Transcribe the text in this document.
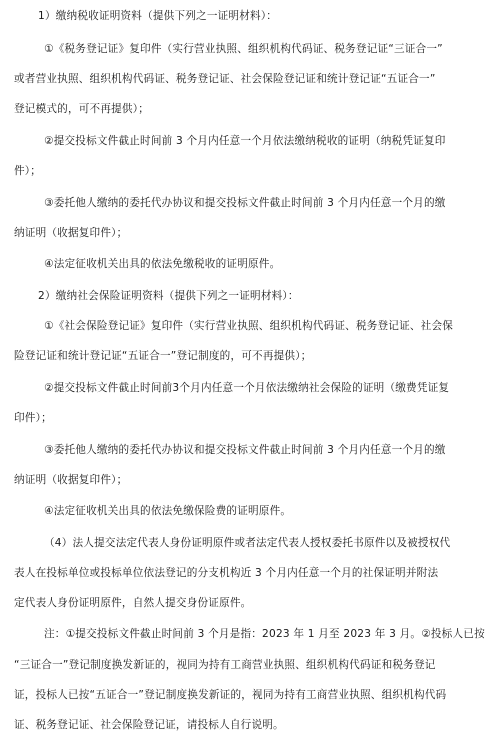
1）缴纳税收证明资料（提供下列之一证明材料）：
①《税务登记证》复印件（实行营业执照、组织机构代码证、税务登记证“三证合一”
或者营业执照、组织机构代码证、税务登记证、社会保险登记证和统计登记证“五证合一”
登记模式的，可不再提供）；
②提交投标文件截止时间前 3 个月内任意一个月依法缴纳税收的证明（纳税凭证复印
件）；
③委托他人缴纳的委托代办协议和提交投标文件截止时间前 3 个月内任意一个月的缴
纳证明（收据复印件）；
④法定征收机关出具的依法免缴税收的证明原件。
2）缴纳社会保险证明资料（提供下列之一证明材料）：
①《社会保险登记证》复印件（实行营业执照、组织机构代码证、税务登记证、社会保
险登记证和统计登记证“五证合一”登记制度的，可不再提供）；
②提交投标文件截止时间前3个月内任意一个月依法缴纳社会保险的证明（缴费凭证复
印件）；
③委托他人缴纳的委托代办协议和提交投标文件截止时间前 3 个月内任意一个月的缴
纳证明（收据复印件）；
④法定征收机关出具的依法免缴保险费的证明原件。
（4）法人提交法定代表人身份证明原件或者法定代表人授权委托书原件以及被授权代
表人在投标单位或投标单位依法登记的分支机构近 3 个月内任意一个月的社保证明并附法
定代表人身份证明原件，自然人提交身份证原件。
注：①提交投标文件截止时间前 3 个月是指：2023 年 1 月至 2023 年 3 月。②投标人已按
“三证合一”登记制度换发新证的，视同为持有工商营业执照、组织机构代码证和税务登记
证，投标人已按“五证合一”登记制度换发新证的，视同为持有工商营业执照、组织机构代码
证、税务登记证、社会保险登记证，请投标人自行说明。
